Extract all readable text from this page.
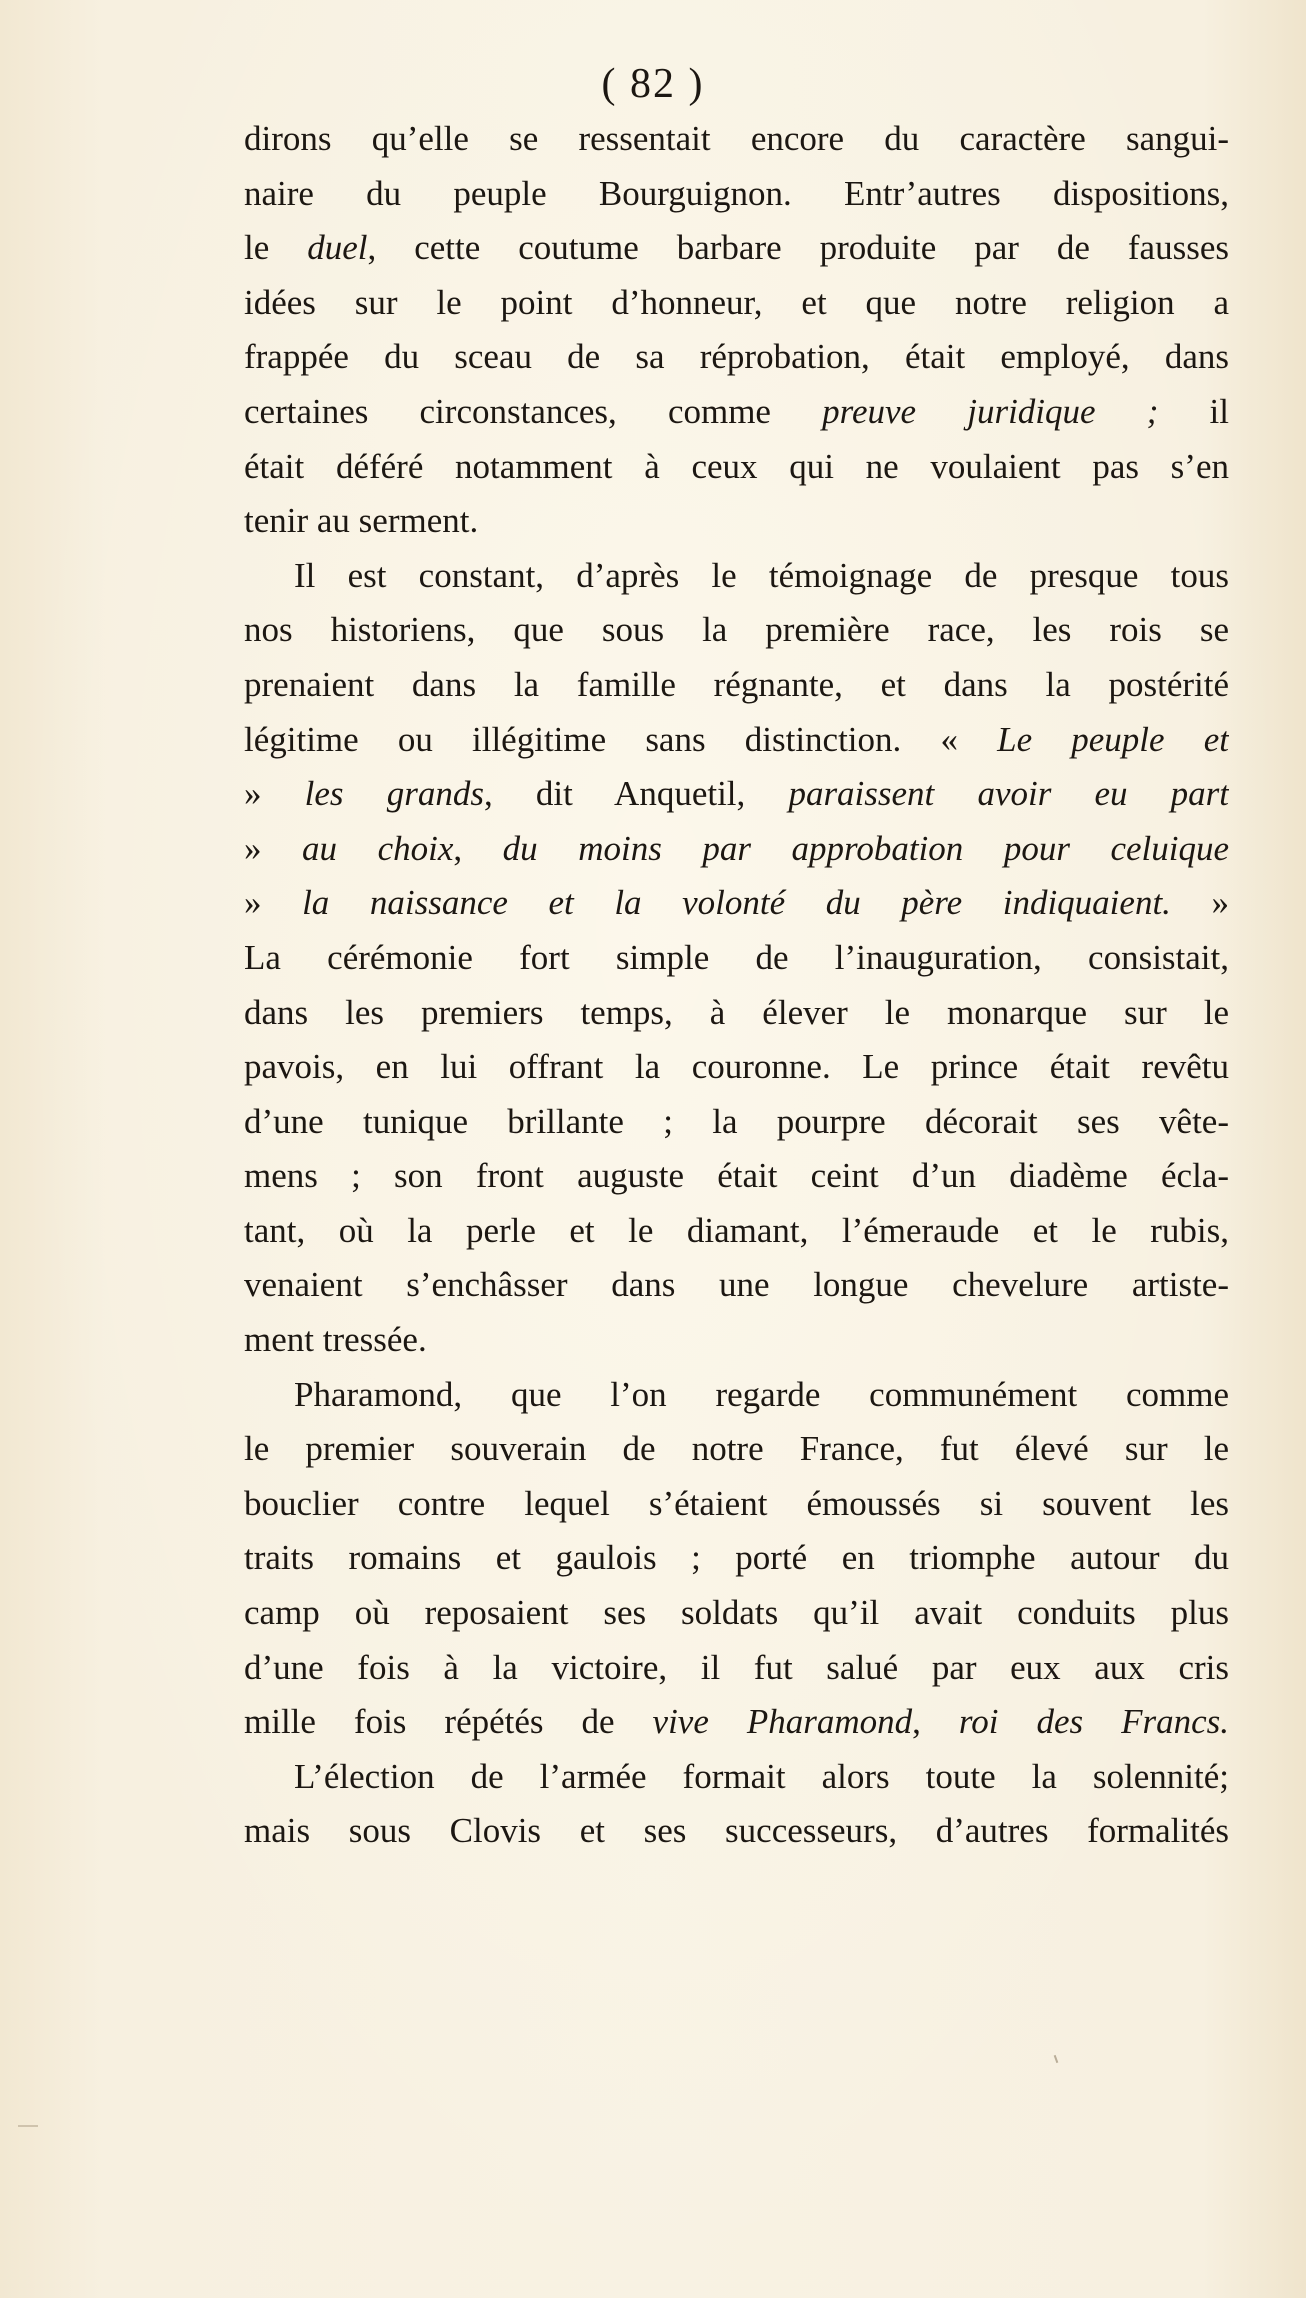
( 82 )
dirons qu’elle se ressentait encore du caractère sangui-
naire du peuple Bourguignon. Entr’autres dispositions,
le duel, cette coutume barbare produite par de fausses
idées sur le point d’honneur, et que notre religion a
frappée du sceau de sa réprobation, était employé, dans
certaines circonstances, comme preuve juridique ; il
était déféré notamment à ceux qui ne voulaient pas s’en
tenir au serment.
Il est constant, d’après le témoignage de presque tous
nos historiens, que sous la première race, les rois se
prenaient dans la famille régnante, et dans la postérité
légitime ou illégitime sans distinction. « Le peuple et
» les grands, dit Anquetil, paraissent avoir eu part
» au choix, du moins par approbation pour celuique
» la naissance et la volonté du père indiquaient. »
La cérémonie fort simple de l’inauguration, consistait,
dans les premiers temps, à élever le monarque sur le
pavois, en lui offrant la couronne. Le prince était revêtu
d’une tunique brillante ; la pourpre décorait ses vête-
mens ; son front auguste était ceint d’un diadème écla-
tant, où la perle et le diamant, l’émeraude et le rubis,
venaient s’enchâsser dans une longue chevelure artiste-
ment tressée.
Pharamond, que l’on regarde communément comme
le premier souverain de notre France, fut élevé sur le
bouclier contre lequel s’étaient émoussés si souvent les
traits romains et gaulois ; porté en triomphe autour du
camp où reposaient ses soldats qu’il avait conduits plus
d’une fois à la victoire, il fut salué par eux aux cris
mille fois répétés de vive Pharamond, roi des Francs.
L’élection de l’armée formait alors toute la solennité;
mais sous Clovis et ses successeurs, d’autres formalités
